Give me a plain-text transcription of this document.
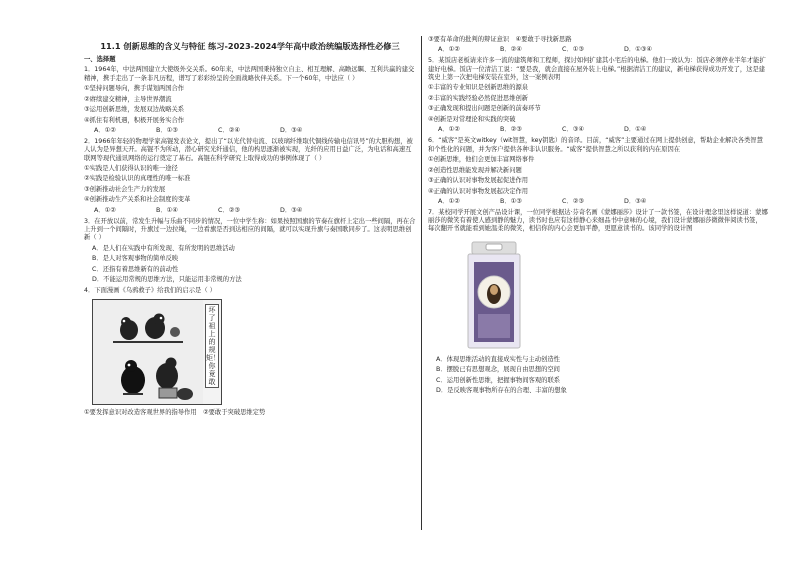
11.1 创新思维的含义与特征 练习-2023-2024学年高中政治统编版选择性必修三
一、选择题

1．1964年，中法两国建立大使级外交关系。60年来，中法两国秉持独立自主、相互理解、高瞻远瞩、互利共赢的建交精神，携手走出了一条非凡历程，谱写了彩彩纷呈的全面战略伙伴关系。下一个60年，中法应（ ）

①坚持问题导向，携手谋划两国合作
②赓续建交精神，主导世界潮流
③运用创新思维，发展双边战略关系
④抓住有利机遇，积极开展务实合作
A．①②	B．①③	C．②④	D．③④

2．1966年年轻的物理学家高锟发表论文，提出了“以光代替电流、以玻璃纤维取代铜线传输电信讯号”的大胆构想，被人认为是异想天开。高锟不为所动，潜心研究光纤通信，他的构思逐渐被实现，光纤的应用日益广泛，为电话和高速互联网等现代通讯网络的运行奠定了基石。高锟在科学研究上取得成功的事例体现了（ ）

①实践是人们获得认识的唯一途径
②实践是检验认识的真理性的唯一标准
③创新推动社会生产力的发展
④创新推动生产关系和社会制度的变革
A．①②	B．①④	C．②③	D．③④

3．在开放以前，常发生升幅与乐曲不同步的情况，一位中学生称：如果按照国旗的节奏在旗杆上定出一些间隔，再在合上升到一个间隔时，升旗过一边拉绳，一边看旗是否到达相应的间隔，就可以实现升旗与奏国歌同步了。这表明思维创新（ ）

A．是人们在实践中有所发现、有所发明的思维活动
B．是人对客观事物的简单反映
C．还指有着思维新有的前动性
D．不能运用常规的思维方法，只能运用非常规的方法

4．下面漫画《乌鸦救子》给我们的启示是（ ）

坏了祖上的规矩！你竟敢
①要发挥意识对改造客观世界的指导作用　②要敢于突破思维定势
③要有革命的批判的辩证意识　④要敢于寻找新思路
A．①②	B．②④	C．①③	D．①③④

5．某饭店老板请来许多一流的建筑师和工程师，探讨如何扩建其小宅后的电梯。他们一致认为：饭店必须停业半年才能扩建好电梯。饭店一位清洁工说：“要是我，就会直接在屋外装上电梯。”根据清洁工的建议，新电梯获得成功开发了，这是建筑史上第一次把电梯安装在室外，这一案例表明

①丰富的专业知识是创新思维的源泉
②丰富的实践经验必然促进思维创新
③正确发现和提出问题是创新的前奏环节
④创新是对常理论和实践的突破
A．①②	B．②③	C．③④	D．①④

6．“威客”是英文witkey（wit智慧，key钥匙）的音译。目前，“威客”主要通过在网上提供创意，帮助企业解决各类智慧和个性化的问题，并为客户提供各种非认识服务。“威客”提供智慧之所以获利的内在原因在

①创新思维，他们会更加丰富网络事件
②创造性思维能发现并解决新问题
③正确的认识对事物发展起促进作用
④正确的认识对事物发展起决定作用
A．①②	B．①③	C．②③	D．③④

7．某校同学开展文创产品设计课，一位同学根据达·芬奇名画《蒙娜丽莎》设计了一款书签，在设计理念里这样说道：蒙娜丽莎的微笑有着使人感到静的魅力，读书时也应有这样静心来细品书中意味的心境，我们设计蒙娜丽莎微微伴阅读书签，每次翻开书就能看到她温柔的微笑，相信你的内心会更加平静，更愿意读书的。该同学的设计图

A．体现思维活动的直接成实性与主动创造性
B．摆脱已有思想观念，展现自由思想的空间
C．运用创新性思维，把握事物间客观的联系
D．是反映客观事物所存在的合理、丰富的想象
